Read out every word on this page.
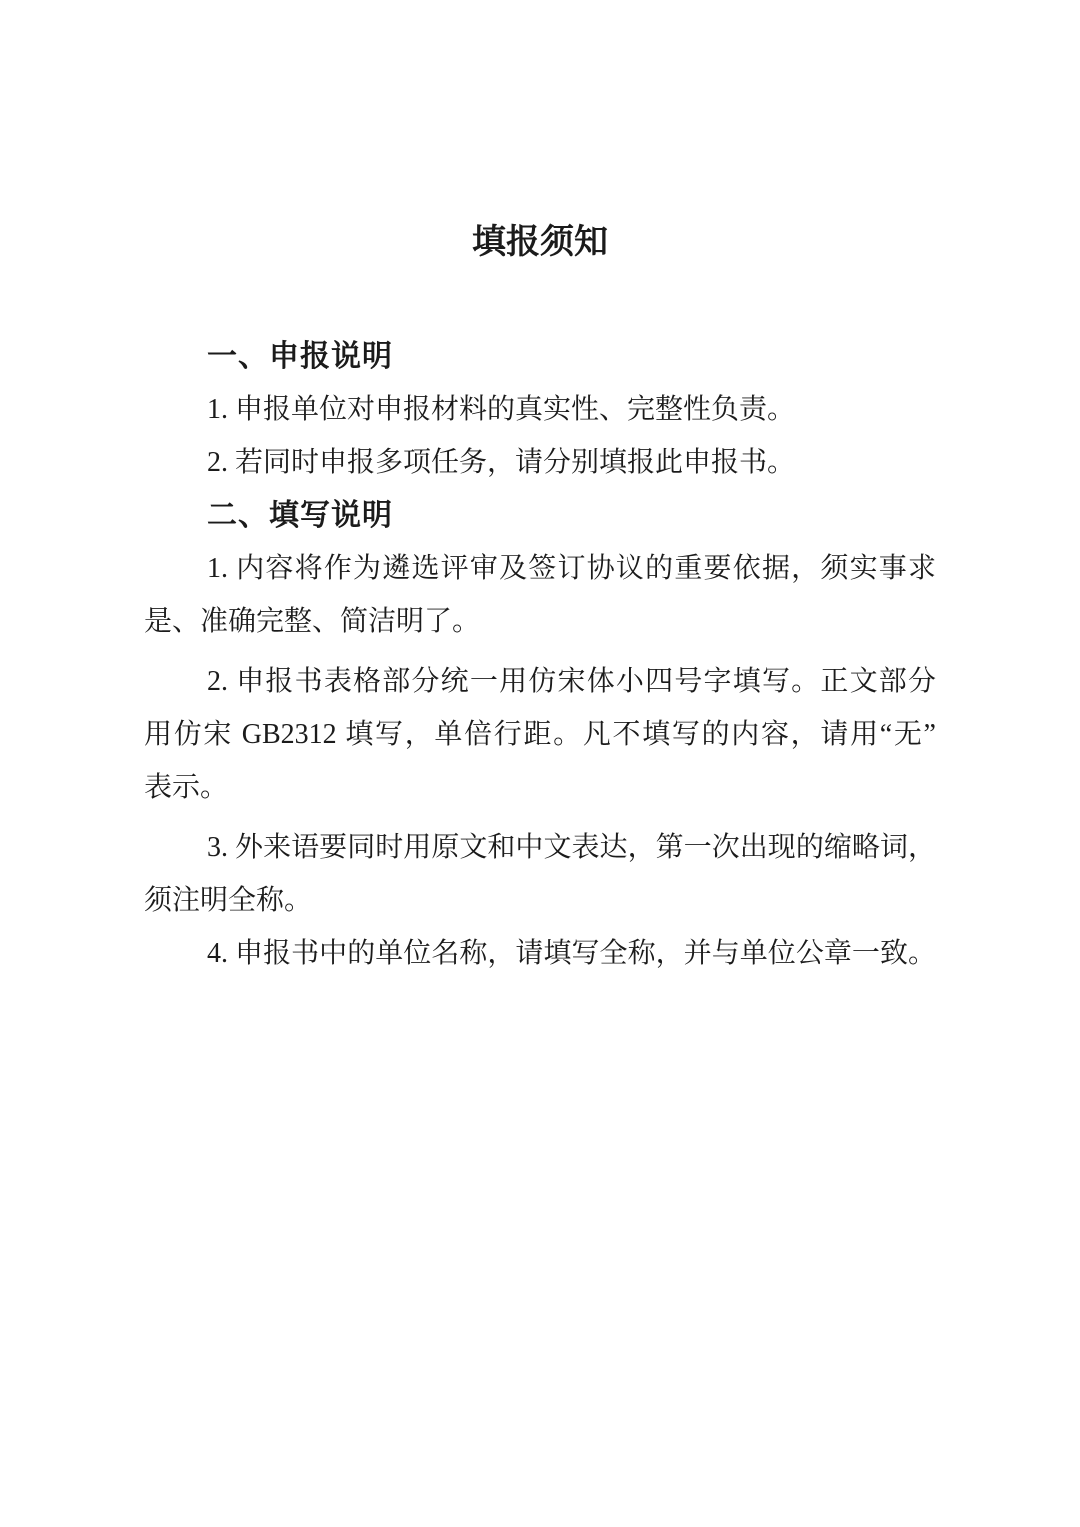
填报须知
一、申报说明
1. 申报单位对申报材料的真实性、完整性负责。
2. 若同时申报多项任务，请分别填报此申报书。
二、填写说明
1. 内容将作为遴选评审及签订协议的重要依据，须实事求
是、准确完整、简洁明了。
2. 申报书表格部分统一用仿宋体小四号字填写。正文部分
用仿宋 GB2312 填写，单倍行距。凡不填写的内容，请用“无”
表示。
3. 外来语要同时用原文和中文表达，第一次出现的缩略词，
须注明全称。
4. 申报书中的单位名称，请填写全称，并与单位公章一致。
